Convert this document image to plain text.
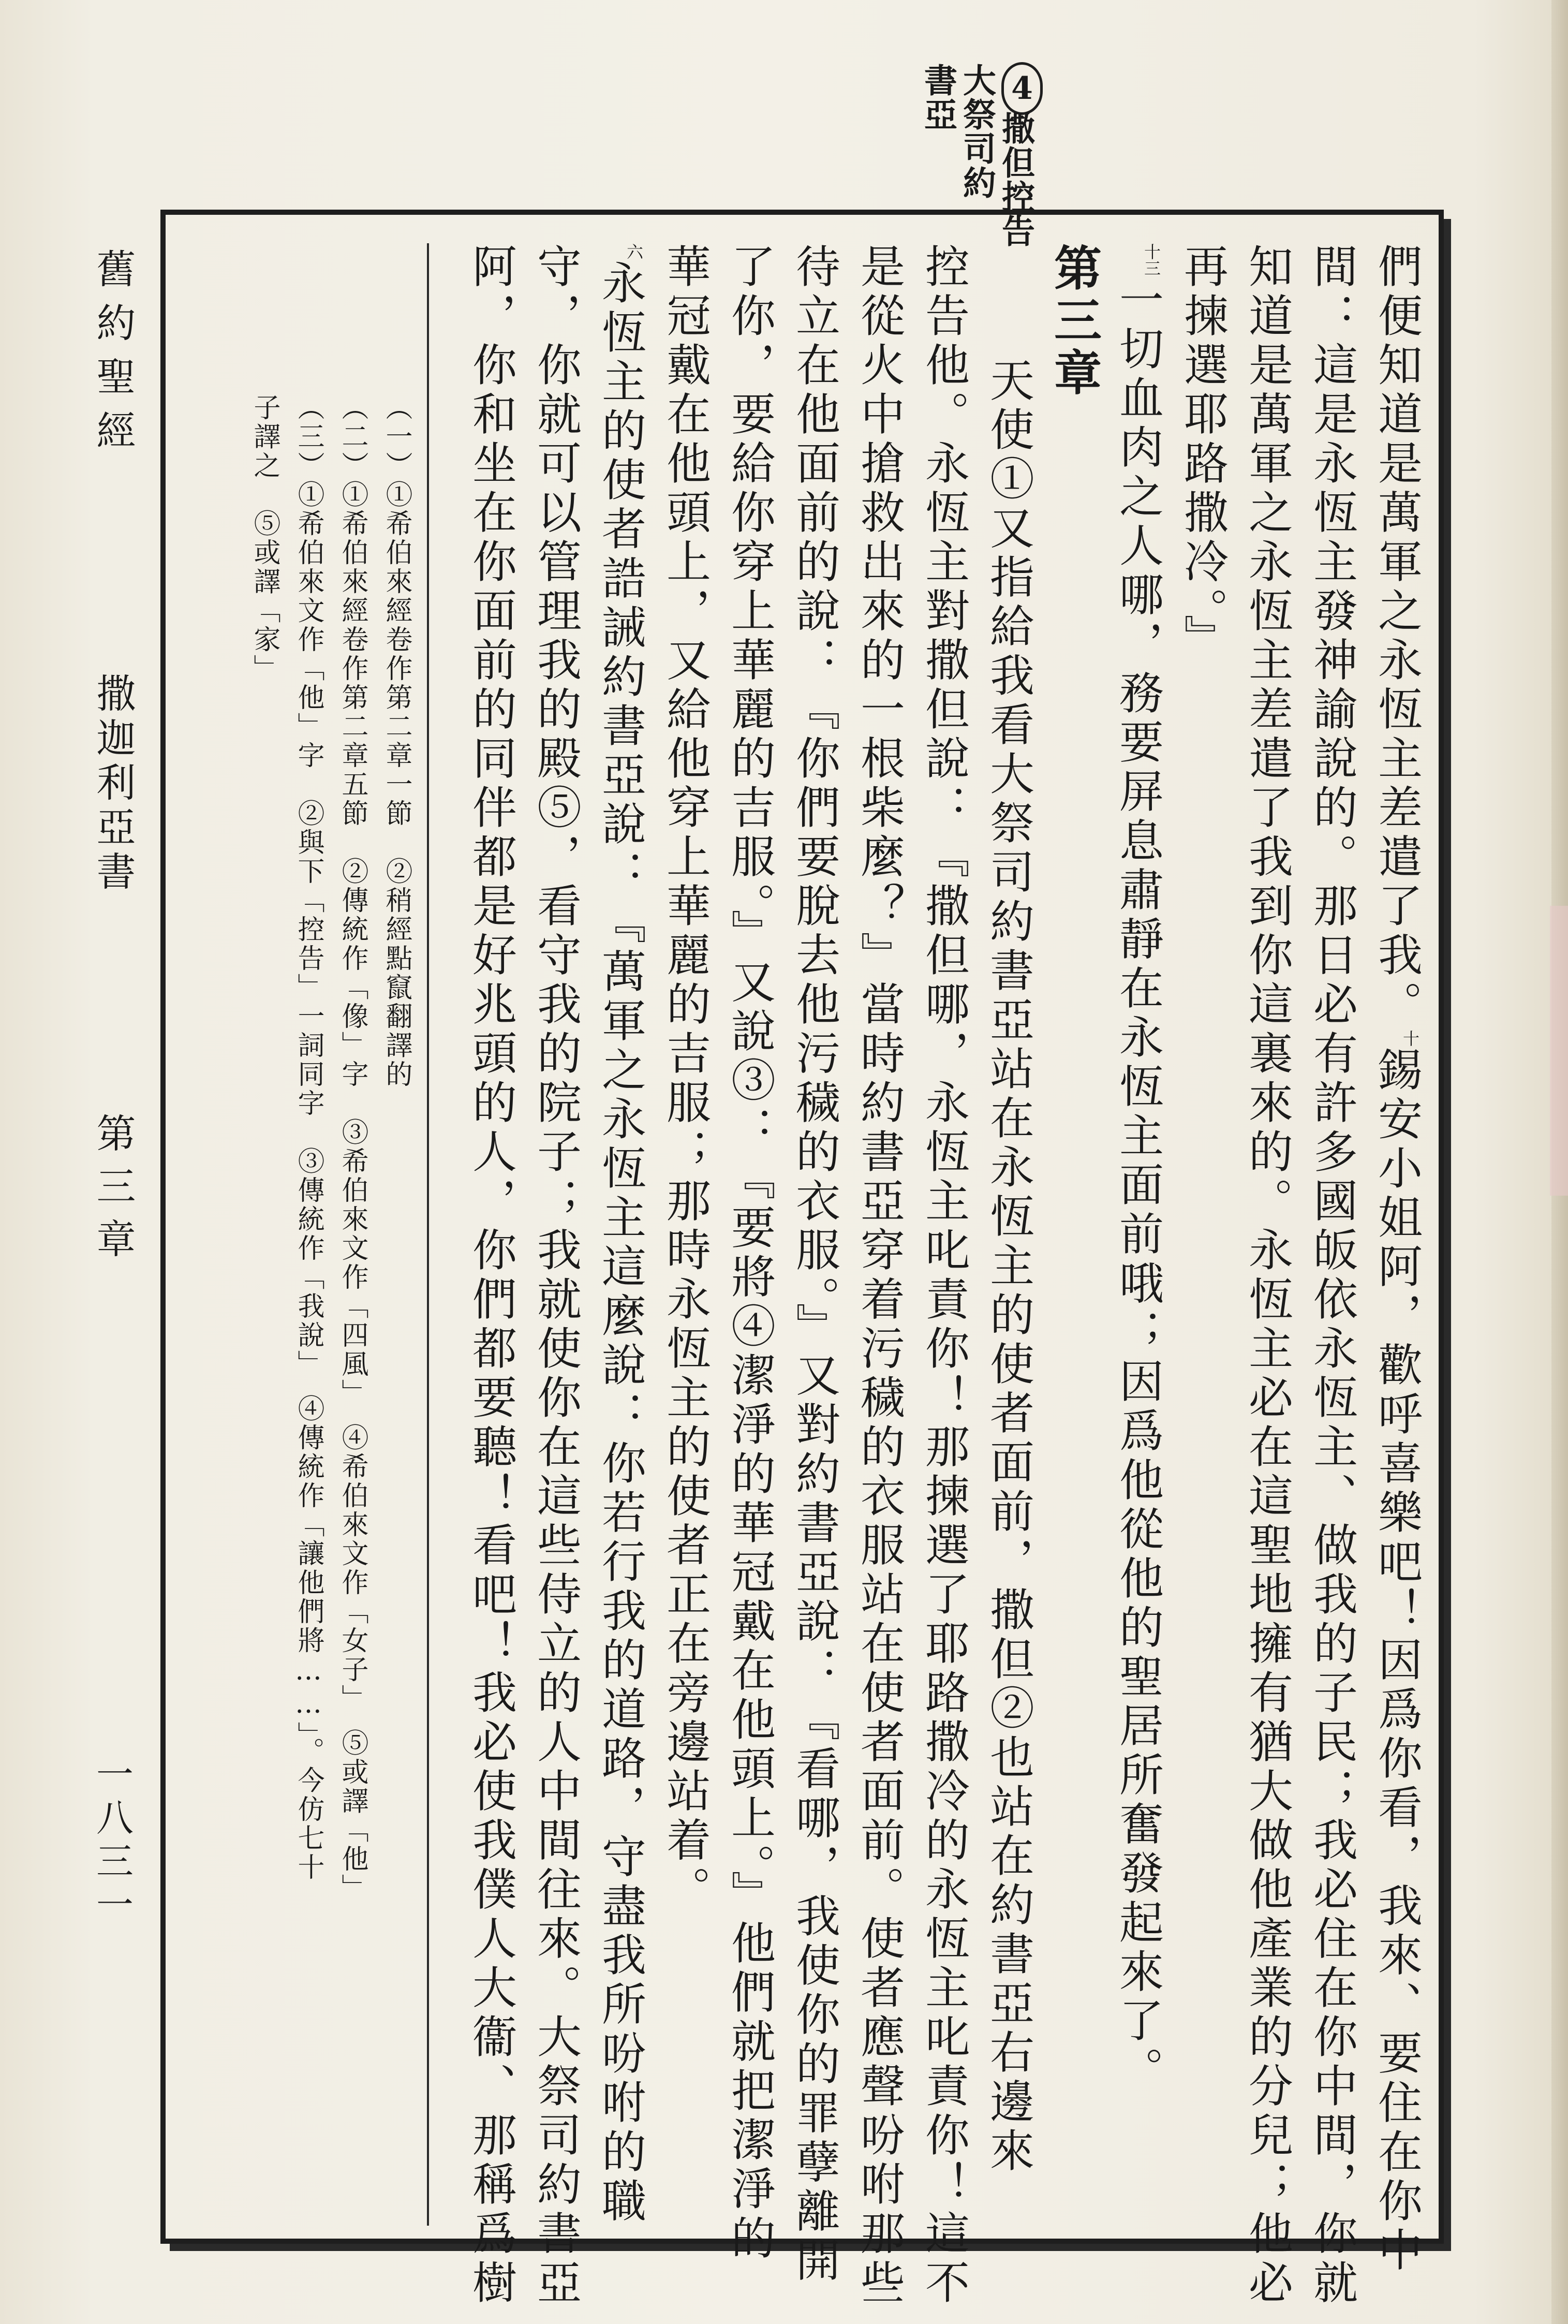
4
撒但控告
大祭司約
書亞
們便知道是萬軍之永恆主差遣了我。$^十$錫安小姐阿，歡呼喜樂吧！因爲你看，我來、要住在你中
間：這是永恆主發神諭說的。那日必有許多國皈依永恆主、做我的子民；我必住在你中間，你就
知道是萬軍之永恆主差遣了我到你這裏來的。永恆主必在這聖地擁有猶大做他產業的分兒；他必
再揀選耶路撒冷。』
$^{十三}$一切血肉之人哪，務要屏息肅靜在永恆主面前哦；因爲他從他的聖居所奮發起來了。
第三章
天使①又指給我看大祭司約書亞站在永恆主的使者面前，撒但②也站在約書亞右邊來
控告他。永恆主對撒但說：『撒但哪，永恆主叱責你！那揀選了耶路撒冷的永恆主叱責你！這不
是從火中搶救出來的一根柴麼？』當時約書亞穿着污穢的衣服站在使者面前。使者應聲吩咐那些
待立在他面前的說：『你們要脫去他污穢的衣服。』又對約書亞說：『看哪，我使你的罪孽離開
了你，要給你穿上華麗的吉服。』又說③：『要將④潔淨的華冠戴在他頭上。』他們就把潔淨的
華冠戴在他頭上，又給他穿上華麗的吉服；那時永恆主的使者正在旁邊站着。
$^六$永恆主的使者誥誡約書亞說：『萬軍之永恆主這麼說：你若行我的道路，守盡我所吩咐的職
守，你就可以管理我的殿⑤，看守我的院子；我就使你在這些侍立的人中間往來。大祭司約書亞
阿，你和坐在你面前的同伴都是好兆頭的人，你們都要聽！看吧！我必使我僕人大衞、那稱爲樹
（一）①希伯來經卷作第二章一節　②稍經點竄翻譯的
（二）①希伯來經卷作第二章五節　②傳統作「像」字　③希伯來文作「四風」　④希伯來文作「女子」　⑤或譯「他」
（三）①希伯來文作「他」字　②與下「控告」一詞同字　③傳統作「我說」　④傳統作「讓他們將……」。今仿七十
子譯之　⑤或譯「家」
舊約聖經
撒迦利亞書
第三章
一八三一
